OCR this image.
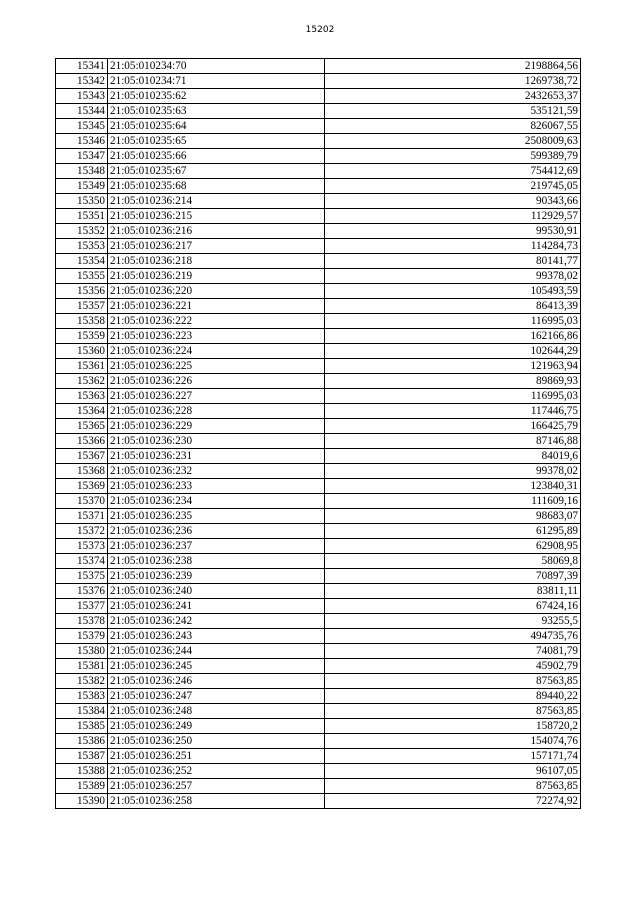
15202
15341	21:05:010234:70	2198864,56
15342	21:05:010234:71	1269738,72
15343	21:05:010235:62	2432653,37
15344	21:05:010235:63	535121,59
15345	21:05:010235:64	826067,55
15346	21:05:010235:65	2508009,63
15347	21:05:010235:66	599389,79
15348	21:05:010235:67	754412,69
15349	21:05:010235:68	219745,05
15350	21:05:010236:214	90343,66
15351	21:05:010236:215	112929,57
15352	21:05:010236:216	99530,91
15353	21:05:010236:217	114284,73
15354	21:05:010236:218	80141,77
15355	21:05:010236:219	99378,02
15356	21:05:010236:220	105493,59
15357	21:05:010236:221	86413,39
15358	21:05:010236:222	116995,03
15359	21:05:010236:223	162166,86
15360	21:05:010236:224	102644,29
15361	21:05:010236:225	121963,94
15362	21:05:010236:226	89869,93
15363	21:05:010236:227	116995,03
15364	21:05:010236:228	117446,75
15365	21:05:010236:229	166425,79
15366	21:05:010236:230	87146,88
15367	21:05:010236:231	84019,6
15368	21:05:010236:232	99378,02
15369	21:05:010236:233	123840,31
15370	21:05:010236:234	111609,16
15371	21:05:010236:235	98683,07
15372	21:05:010236:236	61295,89
15373	21:05:010236:237	62908,95
15374	21:05:010236:238	58069,8
15375	21:05:010236:239	70897,39
15376	21:05:010236:240	83811,11
15377	21:05:010236:241	67424,16
15378	21:05:010236:242	93255,5
15379	21:05:010236:243	494735,76
15380	21:05:010236:244	74081,79
15381	21:05:010236:245	45902,79
15382	21:05:010236:246	87563,85
15383	21:05:010236:247	89440,22
15384	21:05:010236:248	87563,85
15385	21:05:010236:249	158720,2
15386	21:05:010236:250	154074,76
15387	21:05:010236:251	157171,74
15388	21:05:010236:252	96107,05
15389	21:05:010236:257	87563,85
15390	21:05:010236:258	72274,92
